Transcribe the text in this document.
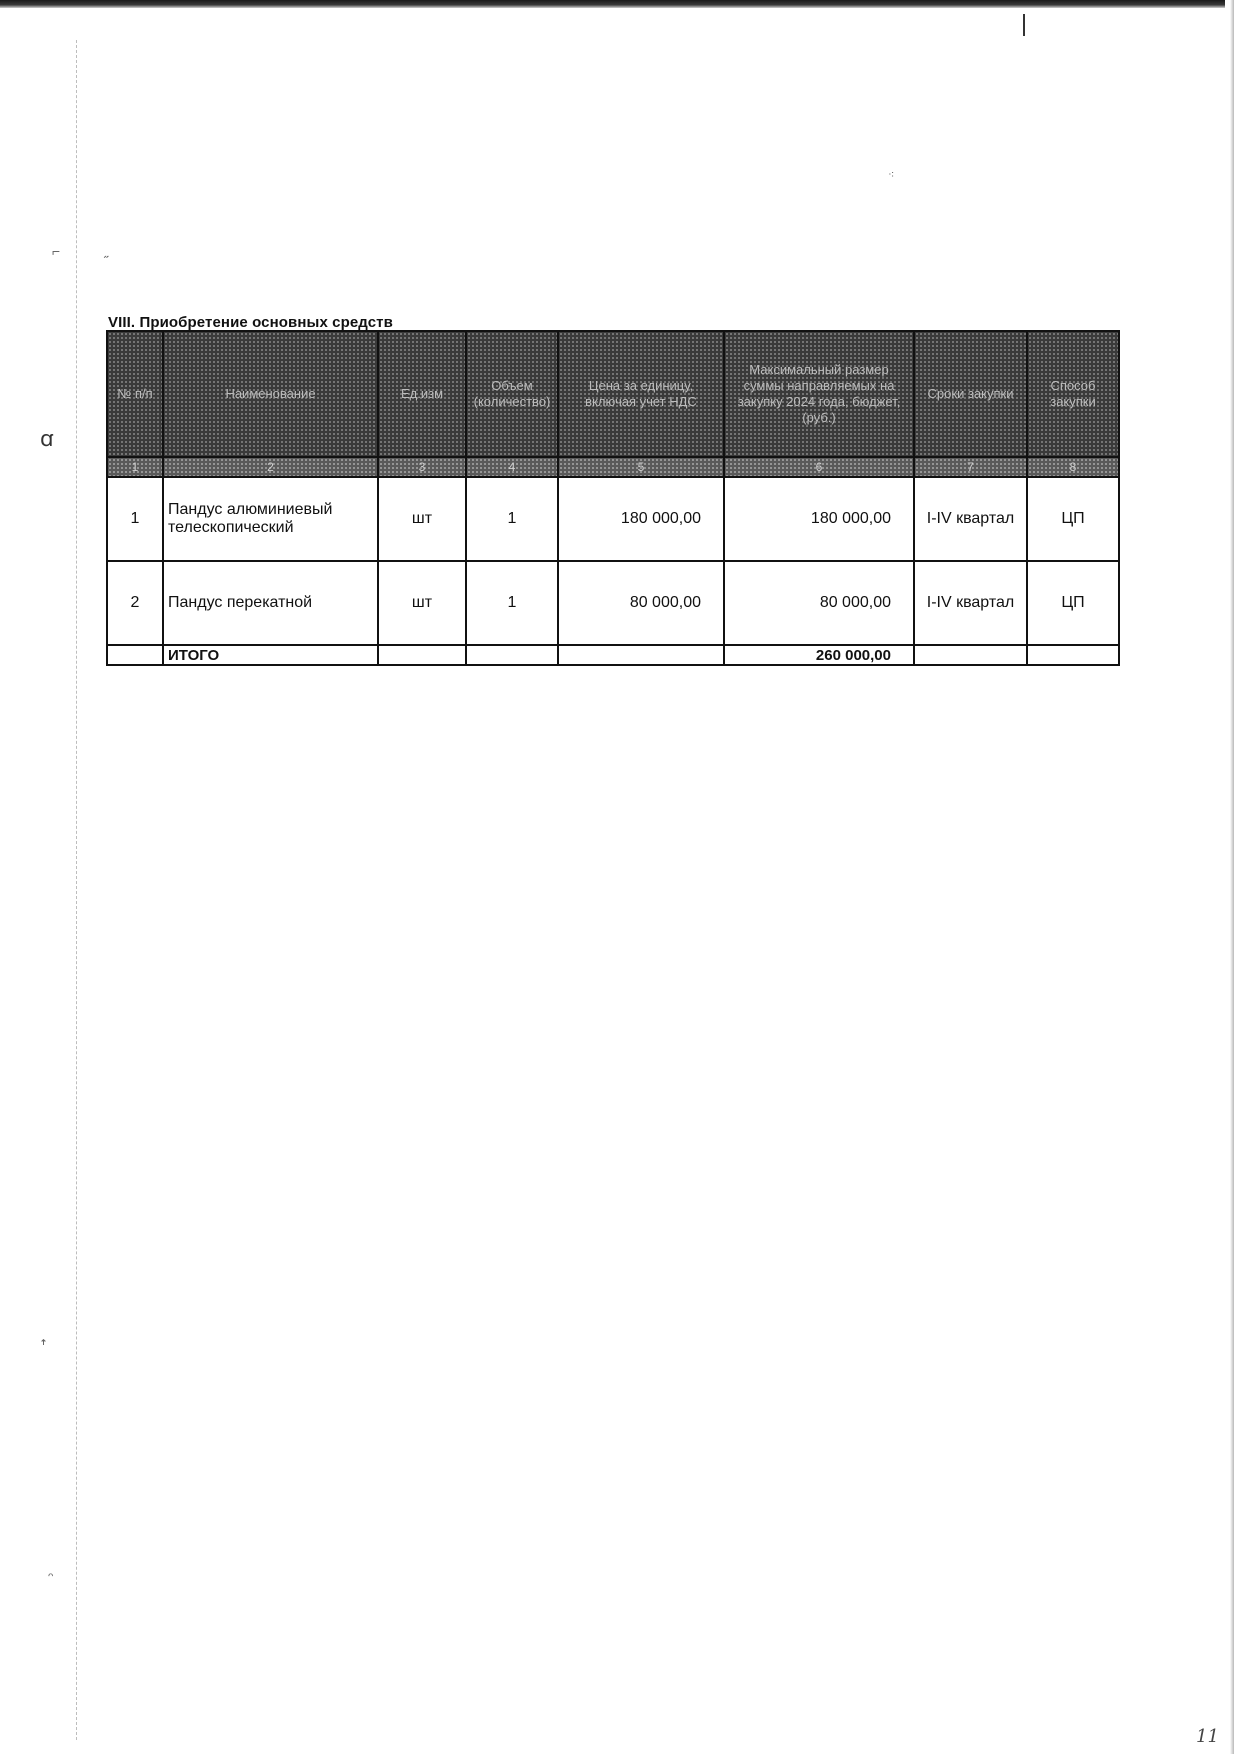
⌐	˶
ꭤ
⁖
ꜛ
ᵔ
VIII. Приобретение основных средств
№ п/п	Наименование	Ед.изм	Объем (количество)	Цена за единицу, включая учет НДС	Максимальный размер суммы направляемых на закупку 2024 года, бюджет, (руб.)	Сроки закупки	Способ закупки
1	2	3	4	5	6	7	8
1	Пандус алюминиевый телескопический	шт	1	180 000,00	180 000,00	I-IV квартал	ЦП
2	Пандус перекатной	шт	1	80 000,00	80 000,00	I-IV квартал	ЦП
	ИТОГО				260 000,00		
11
